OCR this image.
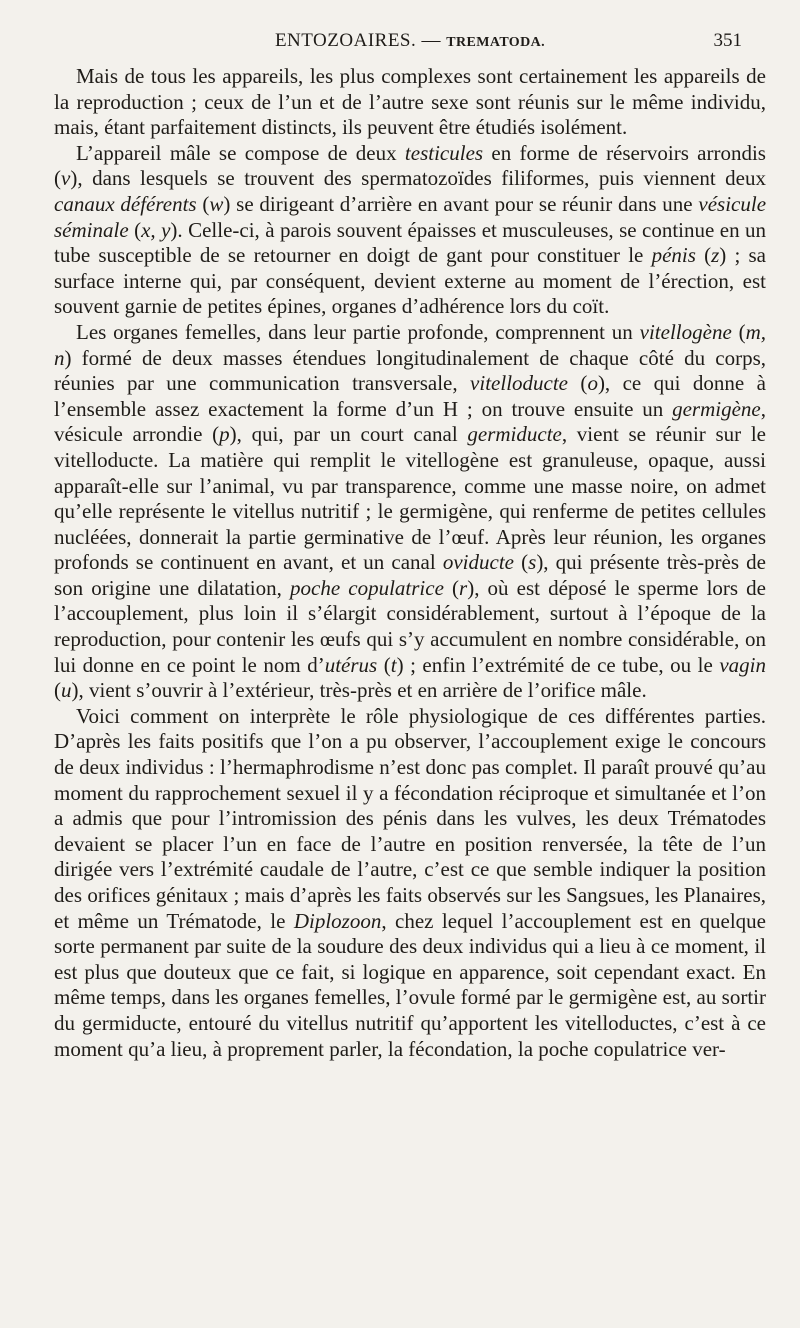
ENTOZOAIRES. — TREMATODA.	351

Mais de tous les appareils, les plus complexes sont certainement les appareils de la reproduction ; ceux de l’un et de l’autre sexe sont réunis sur le même individu, mais, étant parfaitement distincts, ils peuvent être étudiés isolément.

L’appareil mâle se compose de deux testicules en forme de réservoirs arrondis (v), dans lesquels se trouvent des spermatozoïdes filiformes, puis viennent deux canaux déférents (w) se dirigeant d’arrière en avant pour se réunir dans une vésicule séminale (x, y). Celle-ci, à parois souvent épaisses et musculeuses, se continue en un tube susceptible de se retourner en doigt de gant pour constituer le pénis (z) ; sa surface interne qui, par conséquent, devient externe au moment de l’érection, est souvent garnie de petites épines, organes d’adhérence lors du coït.

Les organes femelles, dans leur partie profonde, comprennent un vitellogène (m, n) formé de deux masses étendues longitudinalement de chaque côté du corps, réunies par une communication transversale, vitelloducte (o), ce qui donne à l’ensemble assez exactement la forme d’un H ; on trouve ensuite un germigène, vésicule arrondie (p), qui, par un court canal germiducte, vient se réunir sur le vitelloducte. La matière qui remplit le vitellogène est granuleuse, opaque, aussi apparaît-elle sur l’animal, vu par transparence, comme une masse noire, on admet qu’elle représente le vitellus nutritif ; le germigène, qui renferme de petites cellules nucléées, donnerait la partie germinative de l’œuf. Après leur réunion, les organes profonds se continuent en avant, et un canal oviducte (s), qui présente très-près de son origine une dilatation, poche copulatrice (r), où est déposé le sperme lors de l’accouplement, plus loin il s’élargit considérablement, surtout à l’époque de la reproduction, pour contenir les œufs qui s’y accumulent en nombre considérable, on lui donne en ce point le nom d’utérus (t) ; enfin l’extrémité de ce tube, ou le vagin (u), vient s’ouvrir à l’extérieur, très-près et en arrière de l’orifice mâle.

Voici comment on interprète le rôle physiologique de ces différentes parties. D’après les faits positifs que l’on a pu observer, l’accouplement exige le concours de deux individus : l’hermaphrodisme n’est donc pas complet. Il paraît prouvé qu’au moment du rapprochement sexuel il y a fécondation réciproque et simultanée et l’on a admis que pour l’intromission des pénis dans les vulves, les deux Trématodes devaient se placer l’un en face de l’autre en position renversée, la tête de l’un dirigée vers l’extrémité caudale de l’autre, c’est ce que semble indiquer la position des orifices génitaux ; mais d’après les faits observés sur les Sangsues, les Planaires, et même un Trématode, le Diplozoon, chez lequel l’accouplement est en quelque sorte permanent par suite de la soudure des deux individus qui a lieu à ce moment, il est plus que douteux que ce fait, si logique en apparence, soit cependant exact. En même temps, dans les organes femelles, l’ovule formé par le germigène est, au sortir du germiducte, entouré du vitellus nutritif qu’apportent les vitelloductes, c’est à ce moment qu’a lieu, à proprement parler, la fécondation, la poche copulatrice ver-
